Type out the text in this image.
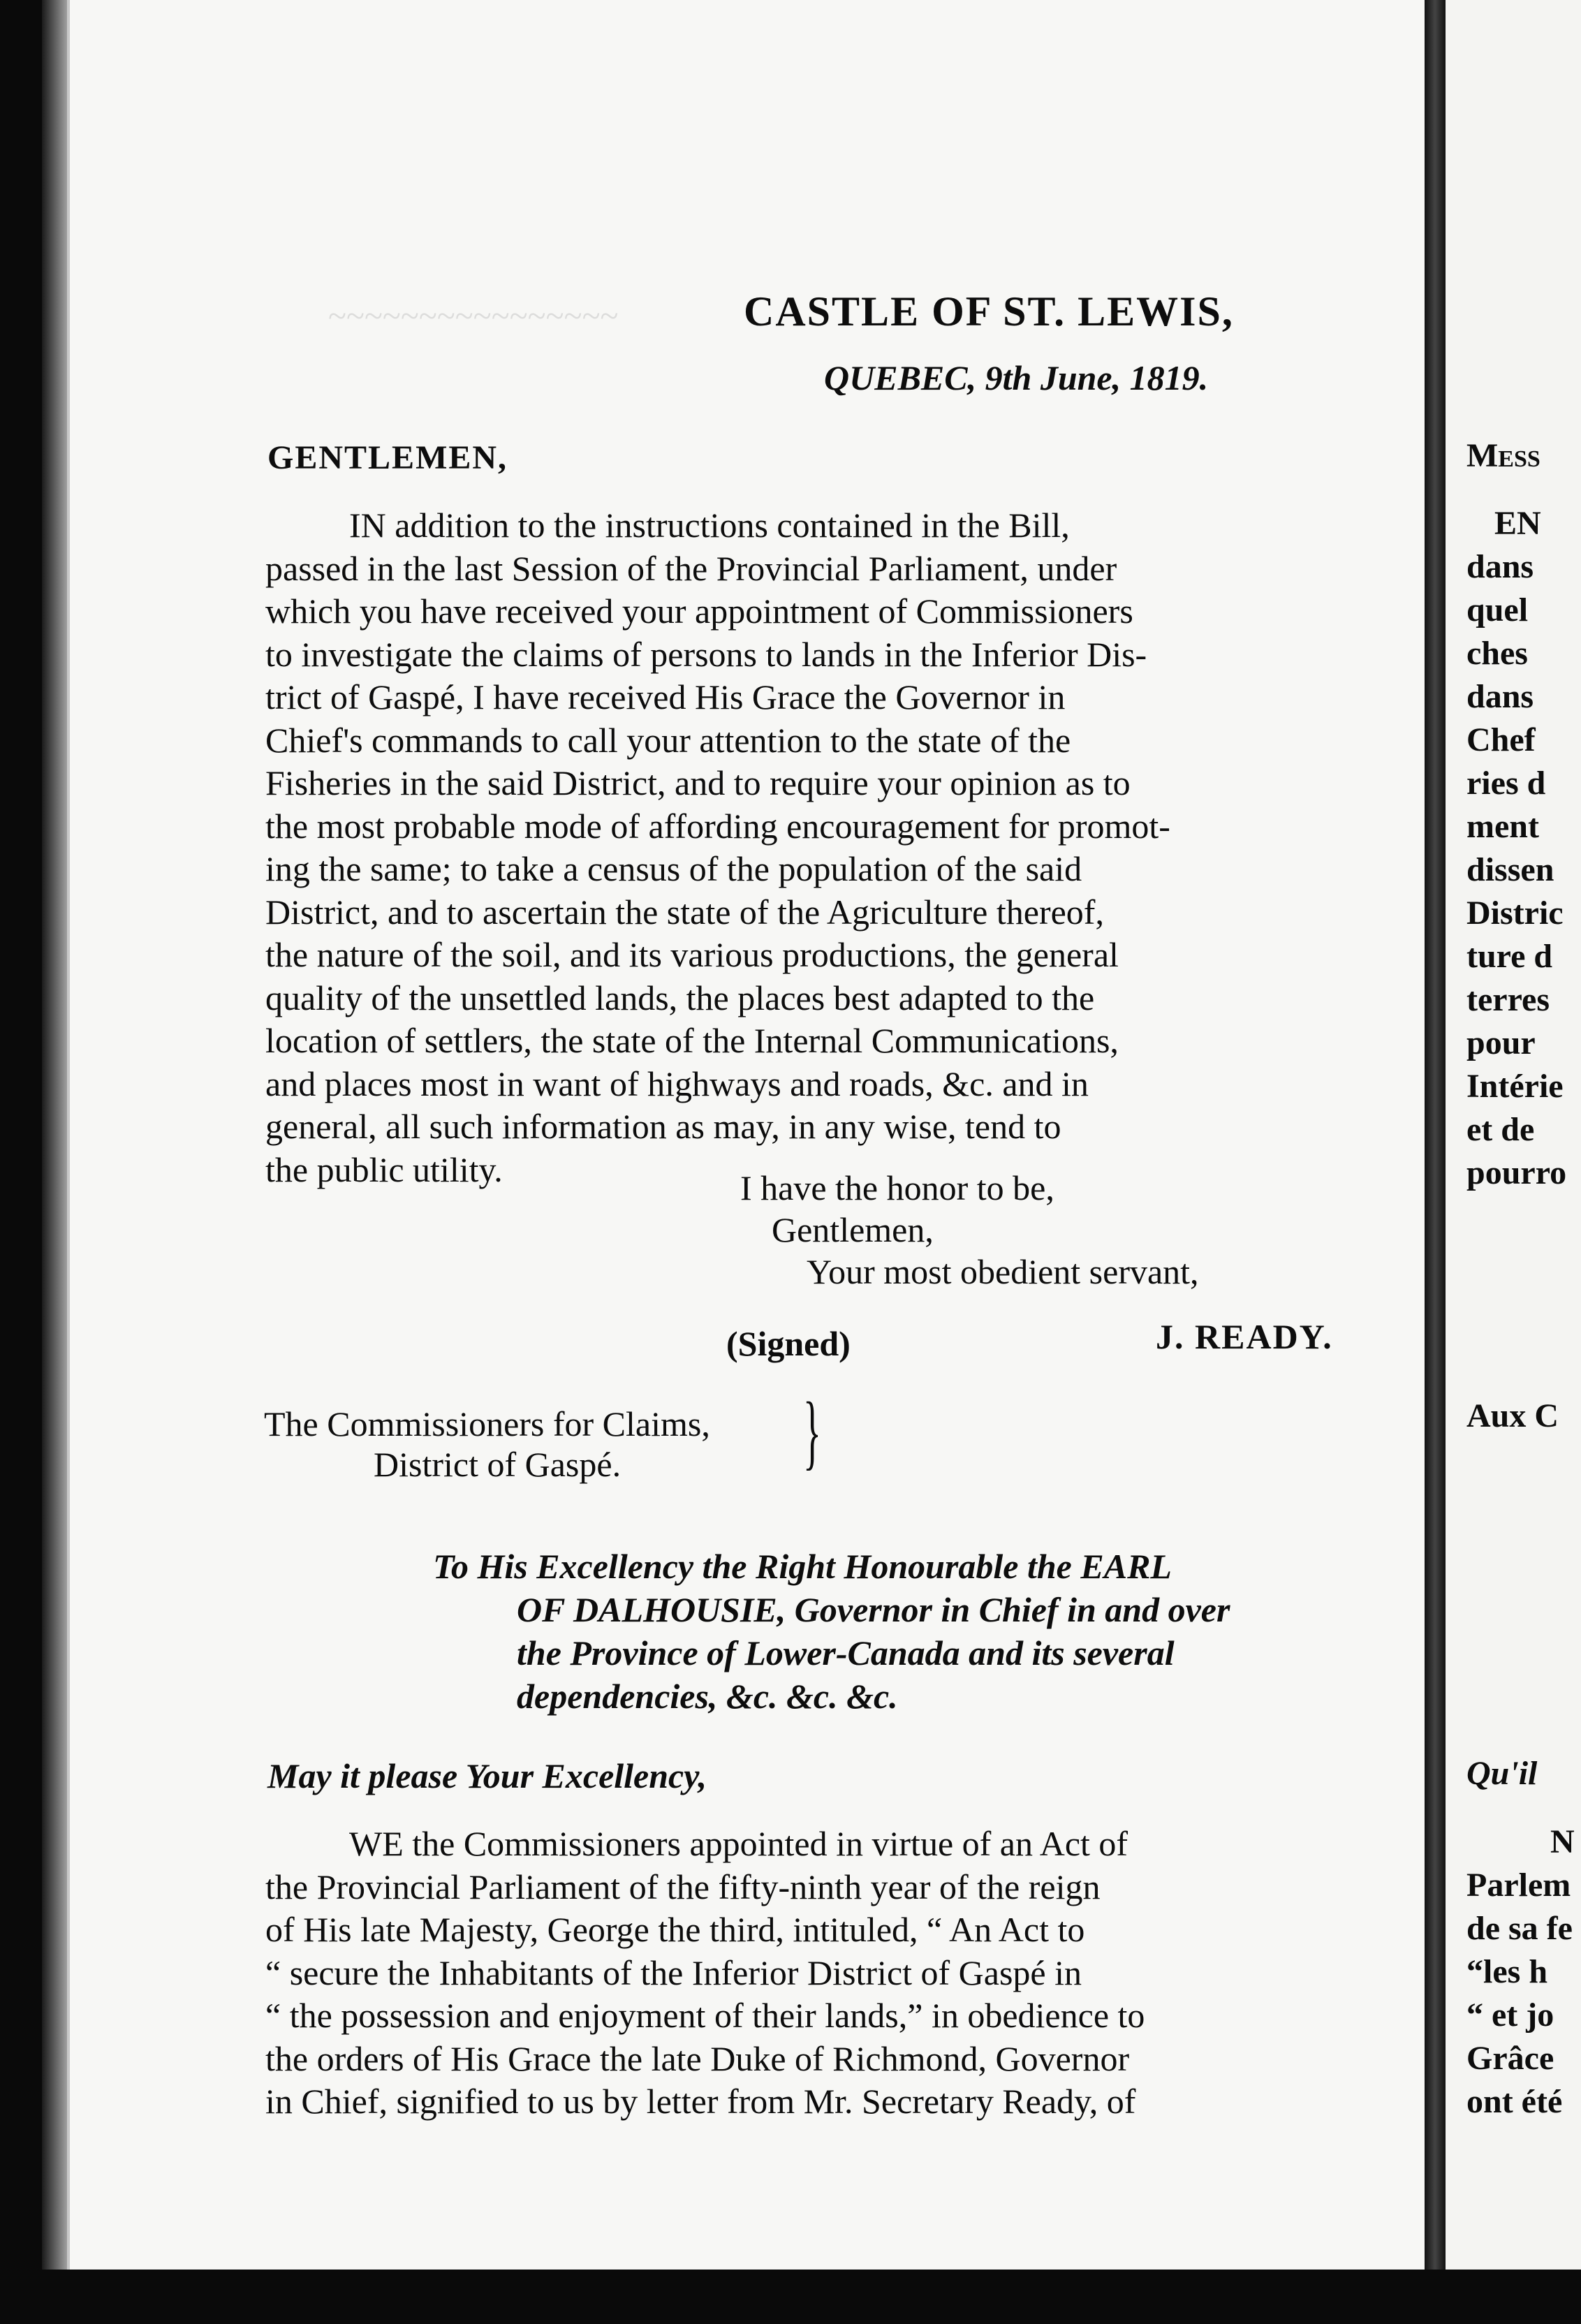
~~~~~~~~~~~~~~~~	CASTLE OF ST. LEWIS,
QUEBEC, 9th June, 1819.
GENTLEMEN,
IN addition to the instructions contained in the Bill,
passed in the last Session of the Provincial Parliament, under
which you have received your appointment of Commissioners
to investigate the claims of persons to lands in the Inferior Dis-
trict of Gaspé, I have received His Grace the Governor in
Chief's commands to call your attention to the state of the
Fisheries in the said District, and to require your opinion as to
the most probable mode of affording encouragement for promot-
ing the same; to take a census of the population of the said
District, and to ascertain the state of the Agriculture thereof,
the nature of the soil, and its various productions, the general
quality of the unsettled lands, the places best adapted to the
location of settlers, the state of the Internal Communications,
and places most in want of highways and roads, &c. and in
general, all such information as may, in any wise, tend to
the public utility.	I have the honor to be,
Gentlemen,
Your most obedient servant,
(Signed)	J. READY.
The Commissioners for Claims,
District of Gaspé. }
To His Excellency the Right Honourable the EARL
OF DALHOUSIE, Governor in Chief in and over
the Province of Lower-Canada and its several
dependencies, &c. &c. &c.
May it please Your Excellency,
WE the Commissioners appointed in virtue of an Act of
the Provincial Parliament of the fifty-ninth year of the reign
of His late Majesty, George the third, intituled, “ An Act to
“ secure the Inhabitants of the Inferior District of Gaspé in
“ the possession and enjoyment of their lands,” in obedience to
the orders of His Grace the late Duke of Richmond, Governor
in Chief, signified to us by letter from Mr. Secretary Ready, of
Mess
EN
dans
quel
ches
dans
Chef
ries d
ment
dissen
Distric
ture d
terres
pour
Intérie
et de
pourro
Aux C
Qu'il
N
Parlem
de sa fe
“les h
“ et jo
Grâce
ont été
